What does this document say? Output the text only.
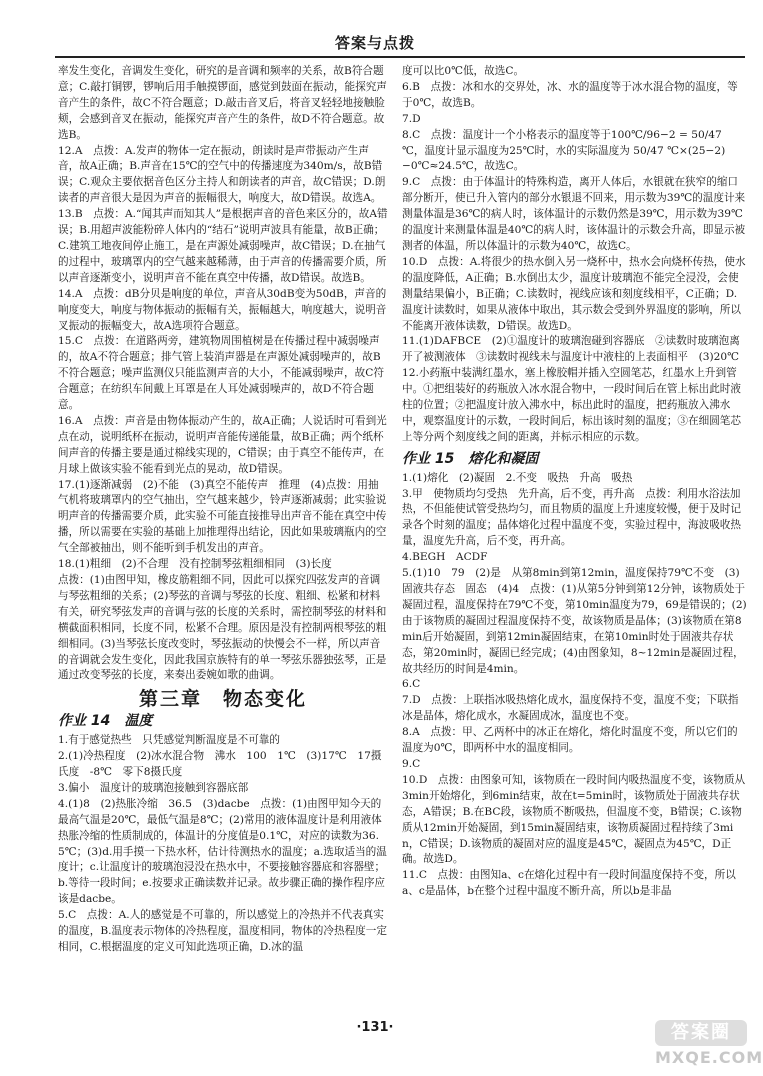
答案与点拨

率发生变化，音调发生变化，研究的是音调和频率的关系，故B符合题意；C.敲打铜锣，锣响后用手触摸锣面，感觉到鼓面在振动，能探究声音产生的条件，故C不符合题意；D.敲击音叉后，将音叉轻轻地接触脸颊，会感到音叉在振动，能探究声音产生的条件，故D不符合题意。故选B。

12.A　点拨：A.发声的物体一定在振动，朗读时是声带振动产生声音，故A正确；B.声音在15℃的空气中的传播速度为340m/s，故B错误；C.观众主要依据音色区分主持人和朗读者的声音，故C错误；D.朗读者的声音很大是因为声音的振幅很大，响度大，故D错误。故选A。

13.B　点拨：A.“闻其声而知其人”是根据声音的音色来区分的，故A错误；B.用超声波能粉碎人体内的“结石”说明声波具有能量，故B正确；C.建筑工地夜间停止施工，是在声源处减弱噪声，故C错误；D.在抽气的过程中，玻璃罩内的空气越来越稀薄，由于声音的传播需要介质，所以声音逐渐变小，说明声音不能在真空中传播，故D错误。故选B。

14.A　点拨：dB分贝是响度的单位，声音从30dB变为50dB，声音的响度变大，响度与物体振动的振幅有关，振幅越大，响度越大，说明音叉振动的振幅变大，故A选项符合题意。

15.C　点拨：在道路两旁，建筑物周围植树是在传播过程中减弱噪声的，故A不符合题意；排气管上装消声器是在声源处减弱噪声的，故B不符合题意；噪声监测仪只能监测声音的大小，不能减弱噪声，故C符合题意；在纺织车间戴上耳罩是在人耳处减弱噪声的，故D不符合题意。

16.A　点拨：声音是由物体振动产生的，故A正确；人说话时可看到光点在动，说明纸杯在振动，说明声音能传递能量，故B正确；两个纸杯间声音的传播主要是通过棉线实现的，C错误；由于真空不能传声，在月球上做该实验不能看到光点的晃动，故D错误。

17.(1)逐渐减弱　(2)不能　(3)真空不能传声　推理　(4)点拨：用抽气机将玻璃罩内的空气抽出，空气越来越少，铃声逐渐减弱；此实验说明声音的传播需要介质，此实验不可能直接推导出声音不能在真空中传播，所以需要在实验的基础上加推理得出结论，因此如果玻璃瓶内的空气全部被抽出，则不能听到手机发出的声音。

18.(1)粗细　(2)不合理　没有控制琴弦粗细相同　(3)长度

点拨：(1)由图甲知，橡皮筋粗细不同，因此可以探究四弦发声的音调与琴弦粗细的关系；(2)琴弦的音调与琴弦的长度、粗细、松紧和材料有关，研究琴弦发声的音调与弦的长度的关系时，需控制琴弦的材料和横截面积相同，长度不同，松紧不合理。原因是没有控制两根琴弦的粗细相同。(3)当琴弦长度改变时，琴弦振动的快慢会不一样，所以声音的音调就会发生变化，因此我国京族特有的单一琴弦乐器独弦琴，正是通过改变琴弦的长度，来奏出委婉如歌的曲调。

第三章　物态变化
作业 14　温度

1.有于感觉热些　只凭感觉判断温度是不可靠的

2.(1)冷热程度　(2)冰水混合物　沸水　100　1℃　(3)17℃　17摄氏度　-8℃　零下8摄氏度

3.偏小　温度计的玻璃泡接触到容器底部

4.(1)8　(2)热胀冷缩　36.5　(3)dacbe　点拨：(1)由图甲知今天的最高气温是20℃，最低气温是8℃；(2)常用的液体温度计是利用液体热胀冷缩的性质制成的，体温计的分度值是0.1℃，对应的读数为36.5℃；(3)d.用手摸一下热水杯，估计待测热水的温度；a.选取适当的温度计；c.让温度计的玻璃泡浸没在热水中，不要接触容器底和容器壁；b.等待一段时间；e.按要求正确读数并记录。故步骤正确的操作程序应该是dacbe。

5.C　点拨：A.人的感觉是不可靠的，所以感觉上的冷热并不代表真实的温度，B.温度表示物体的冷热程度，温度相同，物体的冷热程度一定相同，C.根据温度的定义可知此选项正确，D.冰的温

度可以比0℃低，故选C。

6.B　点拨：冰和水的交界处，冰、水的温度等于冰水混合物的温度，等于0℃，故选B。

7.D

8.C　点拨：温度计一个小格表示的温度等于100℃/96−2 = 50/47 ℃，温度计显示温度为25℃时，水的实际温度为 50/47 ℃×(25−2)−0℃≈24.5℃，故选C。

9.C　点拨：由于体温计的特殊构造，离开人体后，水银就在狭窄的缩口部分断开，使已升入管内的部分水银退不回来，用示数为39℃的温度计来测量体温是36℃的病人时，该体温计的示数仍然是39℃，用示数为39℃的温度计来测量体温是40℃的病人时，该体温计的示数会升高，即显示被测者的体温，所以体温计的示数为40℃，故选C。

10.D　点拨：A.将很少的热水倒入另一烧杯中，热水会向烧杯传热，使水的温度降低，A正确；B.水倒出太少，温度计玻璃泡不能完全浸没，会使测量结果偏小，B正确；C.读数时，视线应该和刻度线相平，C正确；D.温度计读数时，如果从液体中取出，其示数会受到外界温度的影响，所以不能离开液体读数，D错误。故选D。

11.(1)DAFBCE　(2)①温度计的玻璃泡碰到容器底　②读数时玻璃泡离开了被测液体　③读数时视线未与温度计中液柱的上表面相平　(3)20℃

12.小药瓶中装满红墨水，塞上橡胶帽并插入空圆笔芯，红墨水上升到管中。①把组装好的药瓶放入冰水混合物中，一段时间后在管上标出此时液柱的位置；②把温度计放入沸水中，标出此时的温度，把药瓶放入沸水中，观察温度计的示数，一段时间后，标出该时刻的温度；③在细圆笔芯上等分两个刻度线之间的距离，并标示相应的示数。

作业 15　熔化和凝固

1.(1)熔化　(2)凝固　2.不变　吸热　升高　吸热

3.甲　使物质均匀受热　先升高，后不变，再升高　点拨：利用水浴法加热，不但能使试管受热均匀，而且物质的温度上升速度较慢，便于及时记录各个时刻的温度；晶体熔化过程中温度不变，实验过程中，海波吸收热量，温度先升高，后不变，再升高。

4.BEGH　ACDF

5.(1)10　79　(2)是　从第8min到第12min，温度保持79℃不变　(3)固液共存态　固态　(4)4　点拨：(1)从第5分钟到第12分钟，该物质处于凝固过程，温度保持在79℃不变，第10min温度为79，69是错误的；(2)由于该物质的凝固过程温度保持不变，故该物质是晶体；(3)该物质在第8min后开始凝固，到第12min凝固结束，在第10min时处于固液共存状态，第20min时，凝固已经完成；(4)由图象知，8~12min是凝固过程，故共经历的时间是4min。

6.C

7.D　点拨：上联指冰吸热熔化成水，温度保持不变，温度不变；下联指冰是晶体，熔化成水，水凝固成冰，温度也不变。

8.A　点拨：甲、乙两杯中的冰正在熔化，熔化时温度不变，所以它们的温度为0℃，即两杯中水的温度相同。

9.C

10.D　点拨：由图象可知，该物质在一段时间内吸热温度不变，该物质从3min开始熔化，到6min结束，故在t=5min时，该物质处于固液共存状态，A错误；B.在BC段，该物质不断吸热，但温度不变，B错误；C.该物质从12min开始凝固，到15min凝固结束，该物质凝固过程持续了3min，C错误；D.该物质的凝固对应的温度是45℃，凝固点为45℃，D正确。故选D。

11.C　点拨：由图知a、c在熔化过程中有一段时间温度保持不变，所以a、c是晶体，b在整个过程中温度不断升高，所以b是非晶

·131·	答案圈
MXQE.COM
